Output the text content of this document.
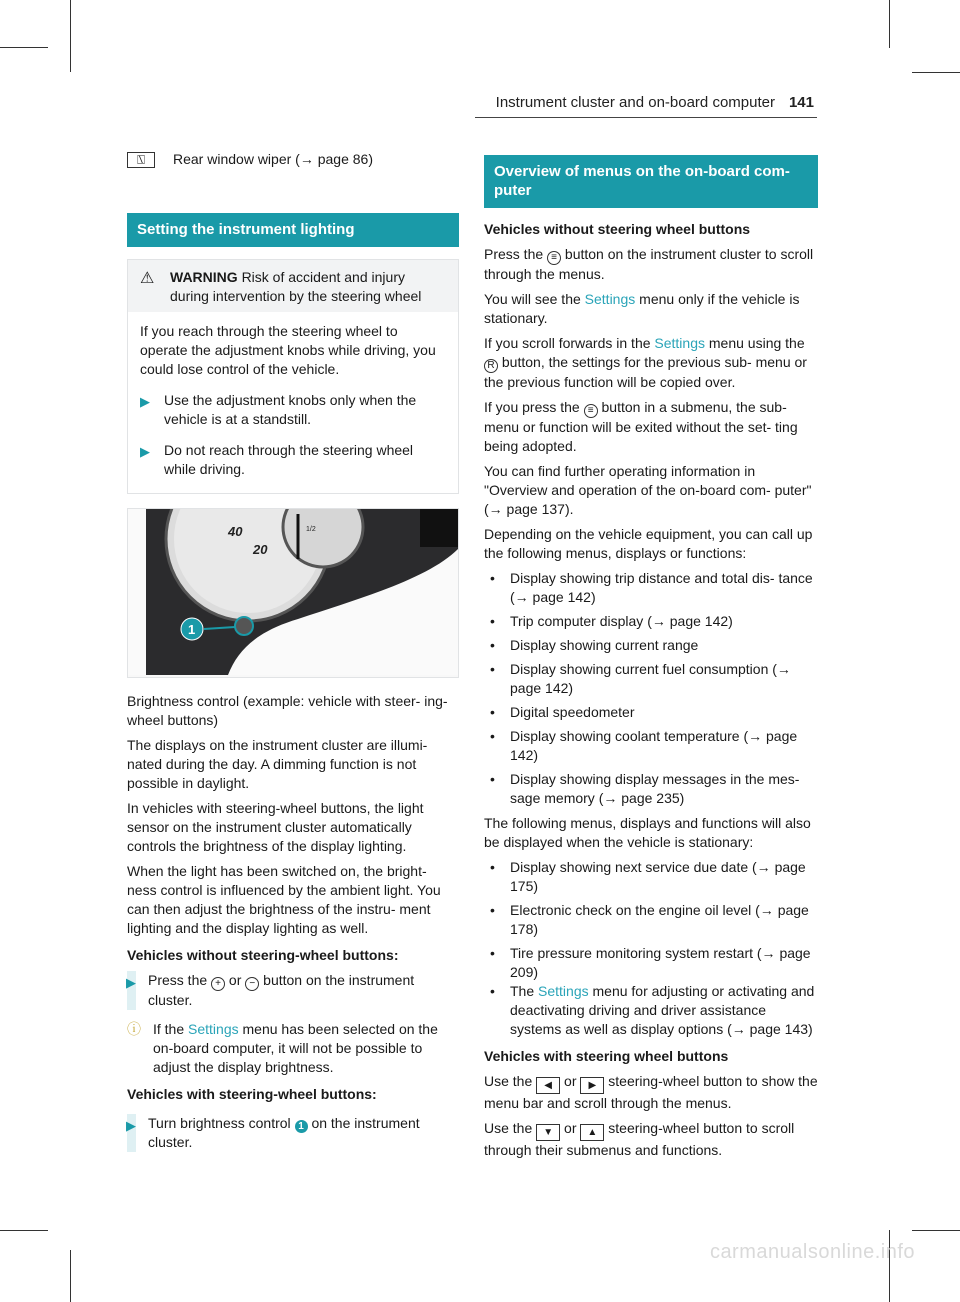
Instrument cluster and on-board computer 141
⍂	Rear window wiper (→ page 86)
Setting the instrument lighting
⚠	WARNING Risk of accident and injury during intervention by the steering wheel

If you reach through the steering wheel to operate the adjustment knobs while driving, you could lose control of the vehicle.

▶	Use the adjustment knobs only when the vehicle is at a standstill.
▶	Do not reach through the steering wheel while driving.
40
20
1/2
1

Brightness control (example: vehicle with steer- ing-wheel buttons)

The displays on the instrument cluster are illumi- nated during the day. A dimming function is not possible in daylight.

In vehicles with steering-wheel buttons, the light sensor on the instrument cluster automatically controls the brightness of the display lighting.

When the light has been switched on, the bright- ness control is influenced by the ambient light. You can then adjust the brightness of the instru- ment lighting and the display lighting as well.

Vehicles without steering-wheel buttons:
▶ Press the + or − button on the instrument cluster.
ⓘ If the Settings menu has been selected on the on-board computer, it will not be possible to adjust the display brightness.
Vehicles with steering-wheel buttons:
▶ Turn brightness control 1 on the instrument cluster.
Overview of menus on the on-board com- puter
Vehicles without steering wheel buttons

Press the ≡ button on the instrument cluster to scroll through the menus.

You will see the Settings menu only if the vehicle is stationary.

If you scroll forwards in the Settings menu using the R button, the settings for the previous sub- menu or the previous function will be copied over.

If you press the ≡ button in a submenu, the sub- menu or function will be exited without the set- ting being adopted.

You can find further operating information in "Overview and operation of the on-board com- puter" (→ page 137).

Depending on the vehicle equipment, you can call up the following menus, displays or functions:

•	Display showing trip distance and total dis- tance (→ page 142)
•	Trip computer display (→ page 142)
•	Display showing current range
•	Display showing current fuel consumption (→ page 142)
•	Digital speedometer
•	Display showing coolant temperature (→ page 142)
•	Display showing display messages in the mes- sage memory (→ page 235)

The following menus, displays and functions will also be displayed when the vehicle is stationary:

•	Display showing next service due date (→ page 175)
•	Electronic check on the engine oil level (→ page 178)
•	Tire pressure monitoring system restart (→ page 209)
•	The Settings menu for adjusting or activating and deactivating driving and driver assistance systems as well as display options (→ page 143)
Vehicles with steering wheel buttons

Use the ◀ or ▶ steering-wheel button to show the menu bar and scroll through the menus.

Use the ▼ or ▲ steering-wheel button to scroll through their submenus and functions.

carmanualsonline.info
